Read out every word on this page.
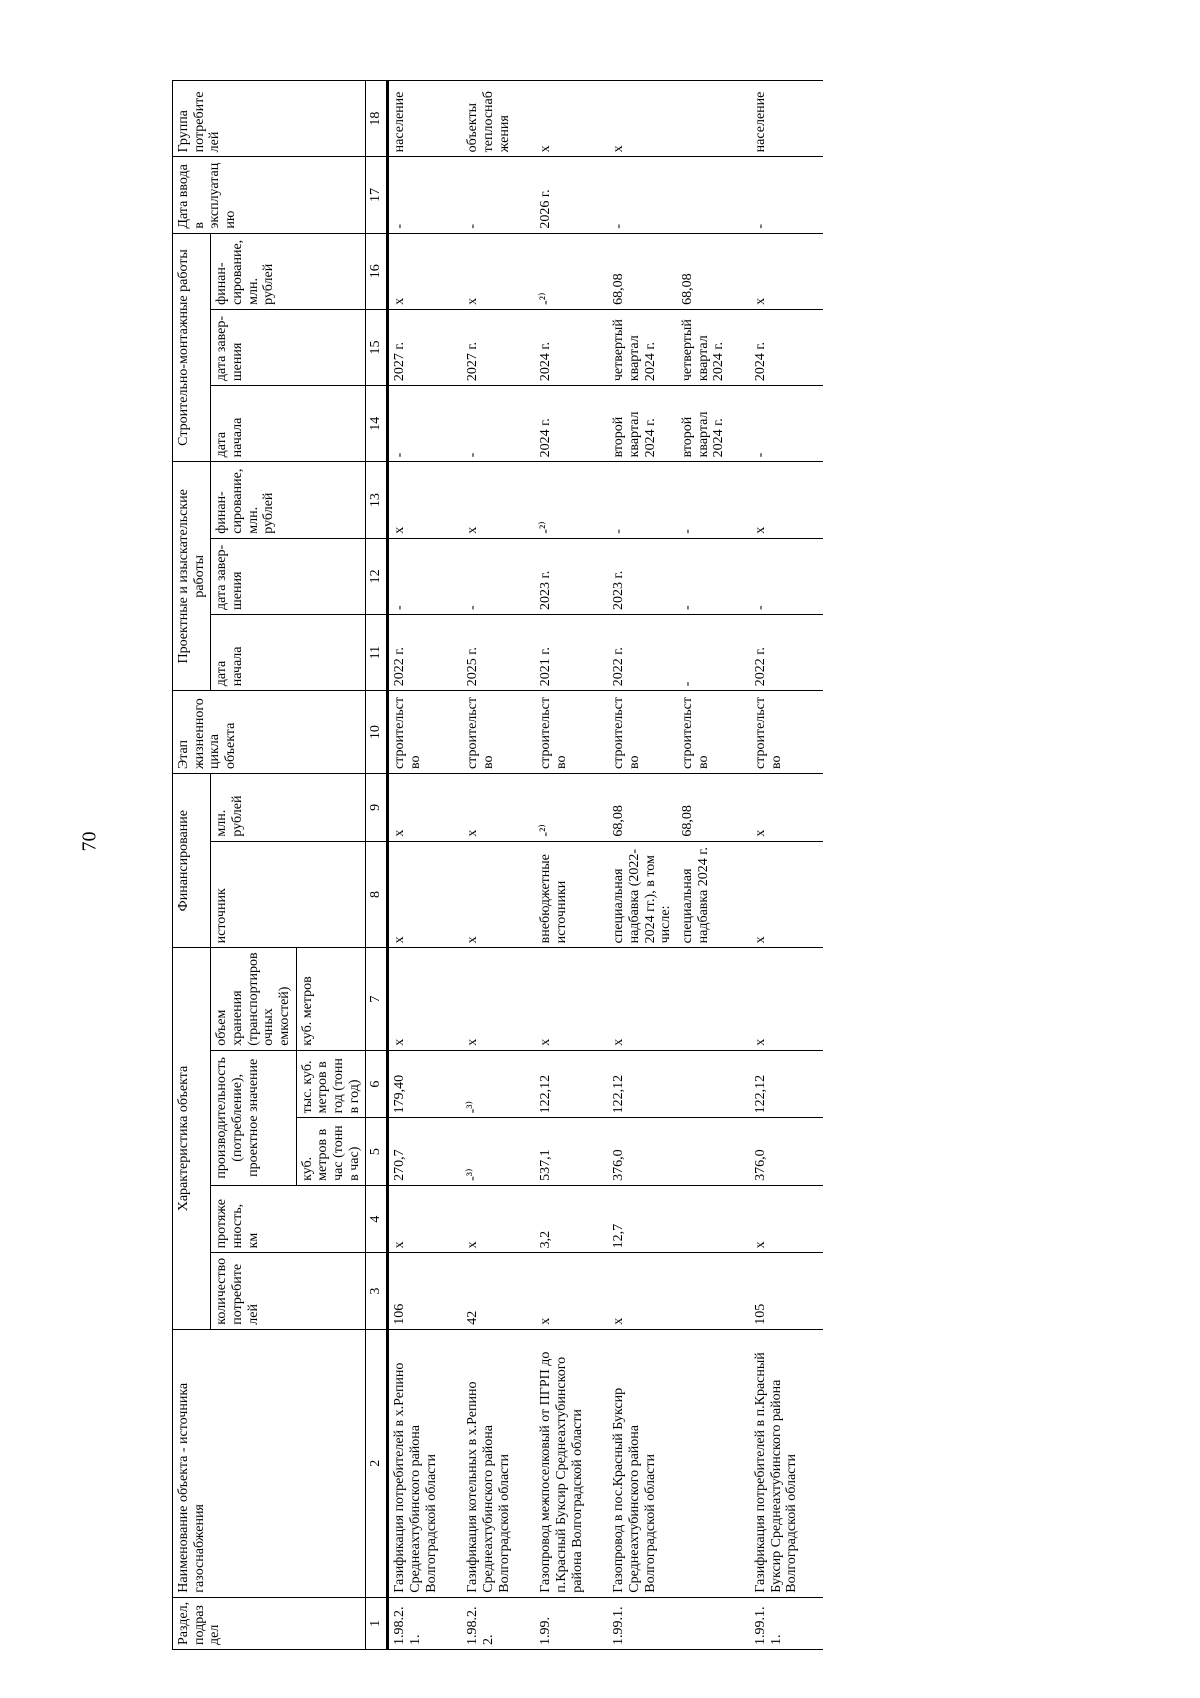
70
Раздел, подраздел	Наименование объекта - источника газоснабжения	Характеристика объекта					Финансирование		Этап жизненного цикла объекта	Проектные и изыскательские работы			Строительно-монтажные работы			Дата ввода в эксплуатацию	Группа потребителей
		количество потребителей	протяженность, км	производительность (потребление), проектное значение		объем хранения (транспортировочных емкостей)	источник	млн. рублей		дата начала	дата завершения	финансирование, млн. рублей	дата начала	дата завершения	финансирование, млн. рублей		
				куб. метров в час (тонн в час)	тыс. куб. метров в год (тонн в год)	куб. метров											
1	2	3	4	5	6	7	8	9	10	11	12	13	14	15	16	17	18
1.98.2.1.	Газификация потребителей в х.Репино Среднеахтубинского района Волгоградской области	106	х	270,7	179,40	х	х	х	строительство	2022 г.	-	х	-	2027 г.	х	-	население

1.98.2.2.	Газификация котельных в х.Репино Среднеахтубинского района Волгоградской области	42	х	-³⁾	-³⁾	х	х	х	строительство	2025 г.	-	х	-	2027 г.	х	-	объекты теплоснабжения

1.99.	Газопровод межпоселковый от ПГРП до п.Красный Буксир Среднеахтубинского района Волгоградской области	х	3,2	537,1	122,12	х	внебюджетные источники	-²⁾	строительство	2021 г.	2023 г.	-²⁾	2024 г.	2024 г.	-²⁾	2026 г.	х

1.99.1.	Газопровод в пос.Красный Буксир Среднеахтубинского района Волгоградской области	х	12,7	376,0	122,12	х	специальная надбавка (2022-2024 гг.), в том числе:	68,08	строительство	2022 г.	2023 г.	-	второй квартал 2024 г.	четвертый квартал 2024 г.	68,08	-	х
							специальная надбавка 2024 г.	68,08	строительство	-	-	-	второй квартал 2024 г.	четвертый квартал 2024 г.	68,08		

1.99.1.1.	Газификация потребителей в п.Красный Буксир Среднеахтубинского района Волгоградской области	105	х	376,0	122,12	х	х	х	строительство	2022 г.	-	х	-	2024 г.	х	-	население
